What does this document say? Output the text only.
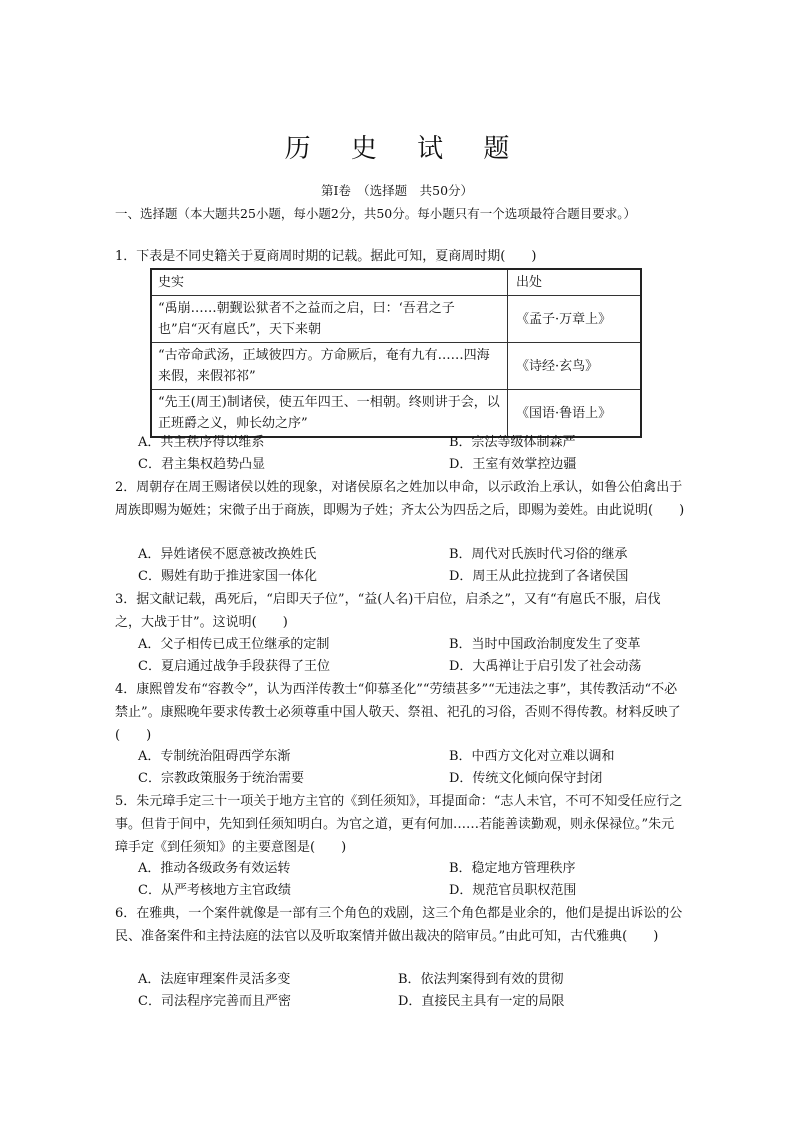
历 史 试 题
第Ⅰ卷　（选择题　共50分）
一、选择题（本大题共25小题，每小题2分，共50分。每小题只有一个选项最符合题目要求。）
1．下表是不同史籍关于夏商周时期的记载。据此可知，夏商周时期(　　)
史实	出处
“禹崩……朝觐讼狱者不之益而之启，曰：‘吾君之子也”启“灭有扈氏”，天下来朝	《孟子·万章上》
“古帝命武汤，正域彼四方。方命厥后，奄有九有……四海来假，来假祁祁”	《诗经·玄鸟》
“先王(周王)制诸侯，使五年四王、一相朝。终则讲于会，以正班爵之义，帅长幼之序”	《国语·鲁语上》
A．共主秩序得以维系	B．宗法等级体制森严
C．君主集权趋势凸显	D．王室有效掌控边疆
2．周朝存在周王赐诸侯以姓的现象，对诸侯原名之姓加以申命，以示政治上承认，如鲁公伯禽出于周族即赐为姬姓；宋微子出于商族，即赐为子姓；齐太公为四岳之后，即赐为姜姓。由此说明(　　)
A．异姓诸侯不愿意被改换姓氏	B．周代对氏族时代习俗的继承
C．赐姓有助于推进家国一体化	D．周王从此拉拢到了各诸侯国
3．据文献记载，禹死后，“启即天子位”，“益(人名)干启位，启杀之”，又有“有扈氏不服，启伐之，大战于甘”。这说明(　　)
A．父子相传已成王位继承的定制	B．当时中国政治制度发生了变革
C．夏启通过战争手段获得了王位	D．大禹禅让于启引发了社会动荡
4．康熙曾发布“容教令”，认为西洋传教士“仰慕圣化”“劳绩甚多”“无违法之事”，其传教活动“不必禁止”。康熙晚年要求传教士必须尊重中国人敬天、祭祖、祀孔的习俗，否则不得传教。材料反映了(　　)
A．专制统治阻碍西学东渐	B．中西方文化对立难以调和
C．宗教政策服务于统治需要	D．传统文化倾向保守封闭
5．朱元璋手定三十一项关于地方主官的《到任须知》，耳提面命：“志人未官，不可不知受任应行之事。但肯于间中，先知到任须知明白。为官之道，更有何加……若能善读勤观，则永保禄位。”朱元璋手定《到任须知》的主要意图是(　　)
A．推动各级政务有效运转	B．稳定地方管理秩序
C．从严考核地方主官政绩	D．规范官员职权范围
6．在雅典，一个案件就像是一部有三个角色的戏剧，这三个角色都是业余的，他们是提出诉讼的公民、准备案件和主持法庭的法官以及听取案情并做出裁决的陪审员。”由此可知，古代雅典(　　)
A．法庭审理案件灵活多变	B．依法判案得到有效的贯彻
C．司法程序完善而且严密	D．直接民主具有一定的局限
